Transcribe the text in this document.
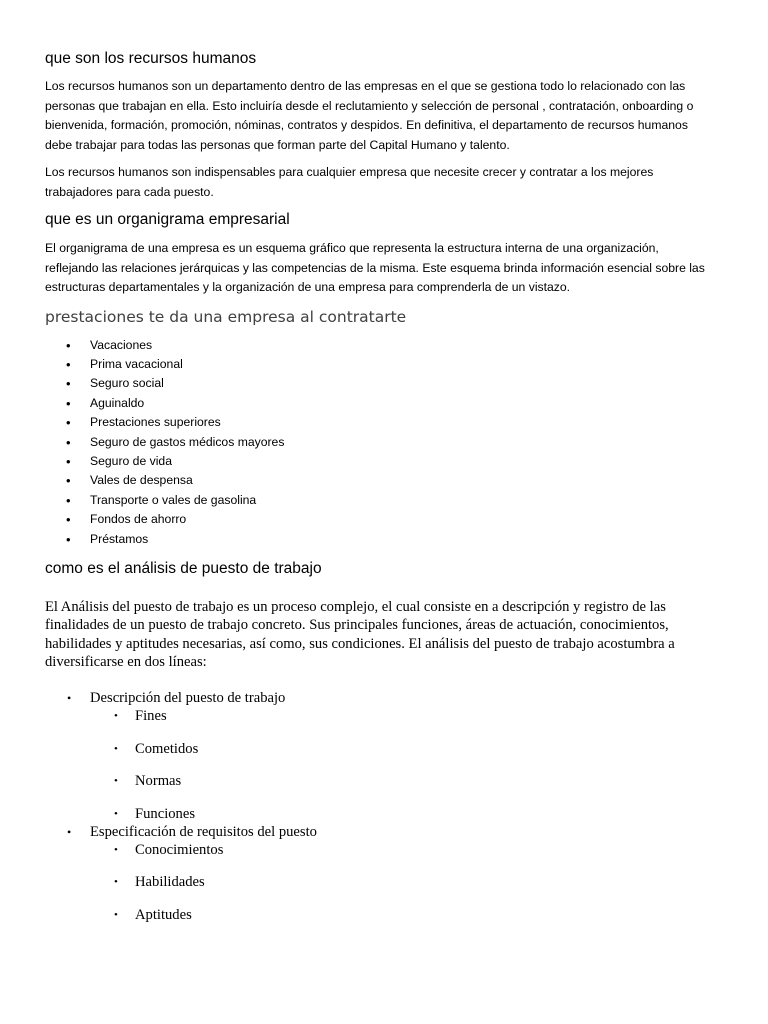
que son los recursos humanos

Los recursos humanos son un departamento dentro de las empresas en el que se gestiona todo lo relacionado con las
personas que trabajan en ella. Esto incluiría desde el reclutamiento y selección de personal , contratación, onboarding o
bienvenida, formación, promoción, nóminas, contratos y despidos. En definitiva, el departamento de recursos humanos
debe trabajar para todas las personas que forman parte del Capital Humano y talento.

Los recursos humanos son indispensables para cualquier empresa que necesite crecer y contratar a los mejores
trabajadores para cada puesto.

que es un organigrama empresarial

El organigrama de una empresa es un esquema gráfico que representa la estructura interna de una organización,
reflejando las relaciones jerárquicas y las competencias de la misma. Este esquema brinda información esencial sobre las
estructuras departamentales y la organización de una empresa para comprenderla de un vistazo.

prestaciones te da una empresa al contratarte
• Vacaciones
• Prima vacacional
• Seguro social
• Aguinaldo
• Prestaciones superiores
• Seguro de gastos médicos mayores
• Seguro de vida
• Vales de despensa
• Transporte o vales de gasolina
• Fondos de ahorro
• Préstamos
como es el análisis de puesto de trabajo

El Análisis del puesto de trabajo es un proceso complejo, el cual consiste en a descripción y registro de las
finalidades de un puesto de trabajo concreto. Sus principales funciones, áreas de actuación, conocimientos,
habilidades y aptitudes necesarias, así como, sus condiciones. El análisis del puesto de trabajo acostumbra a
diversificarse en dos líneas:

• Descripción del puesto de trabajo
• Fines
• Cometidos
• Normas
• Funciones
• Especificación de requisitos del puesto
• Conocimientos
• Habilidades
• Aptitudes
